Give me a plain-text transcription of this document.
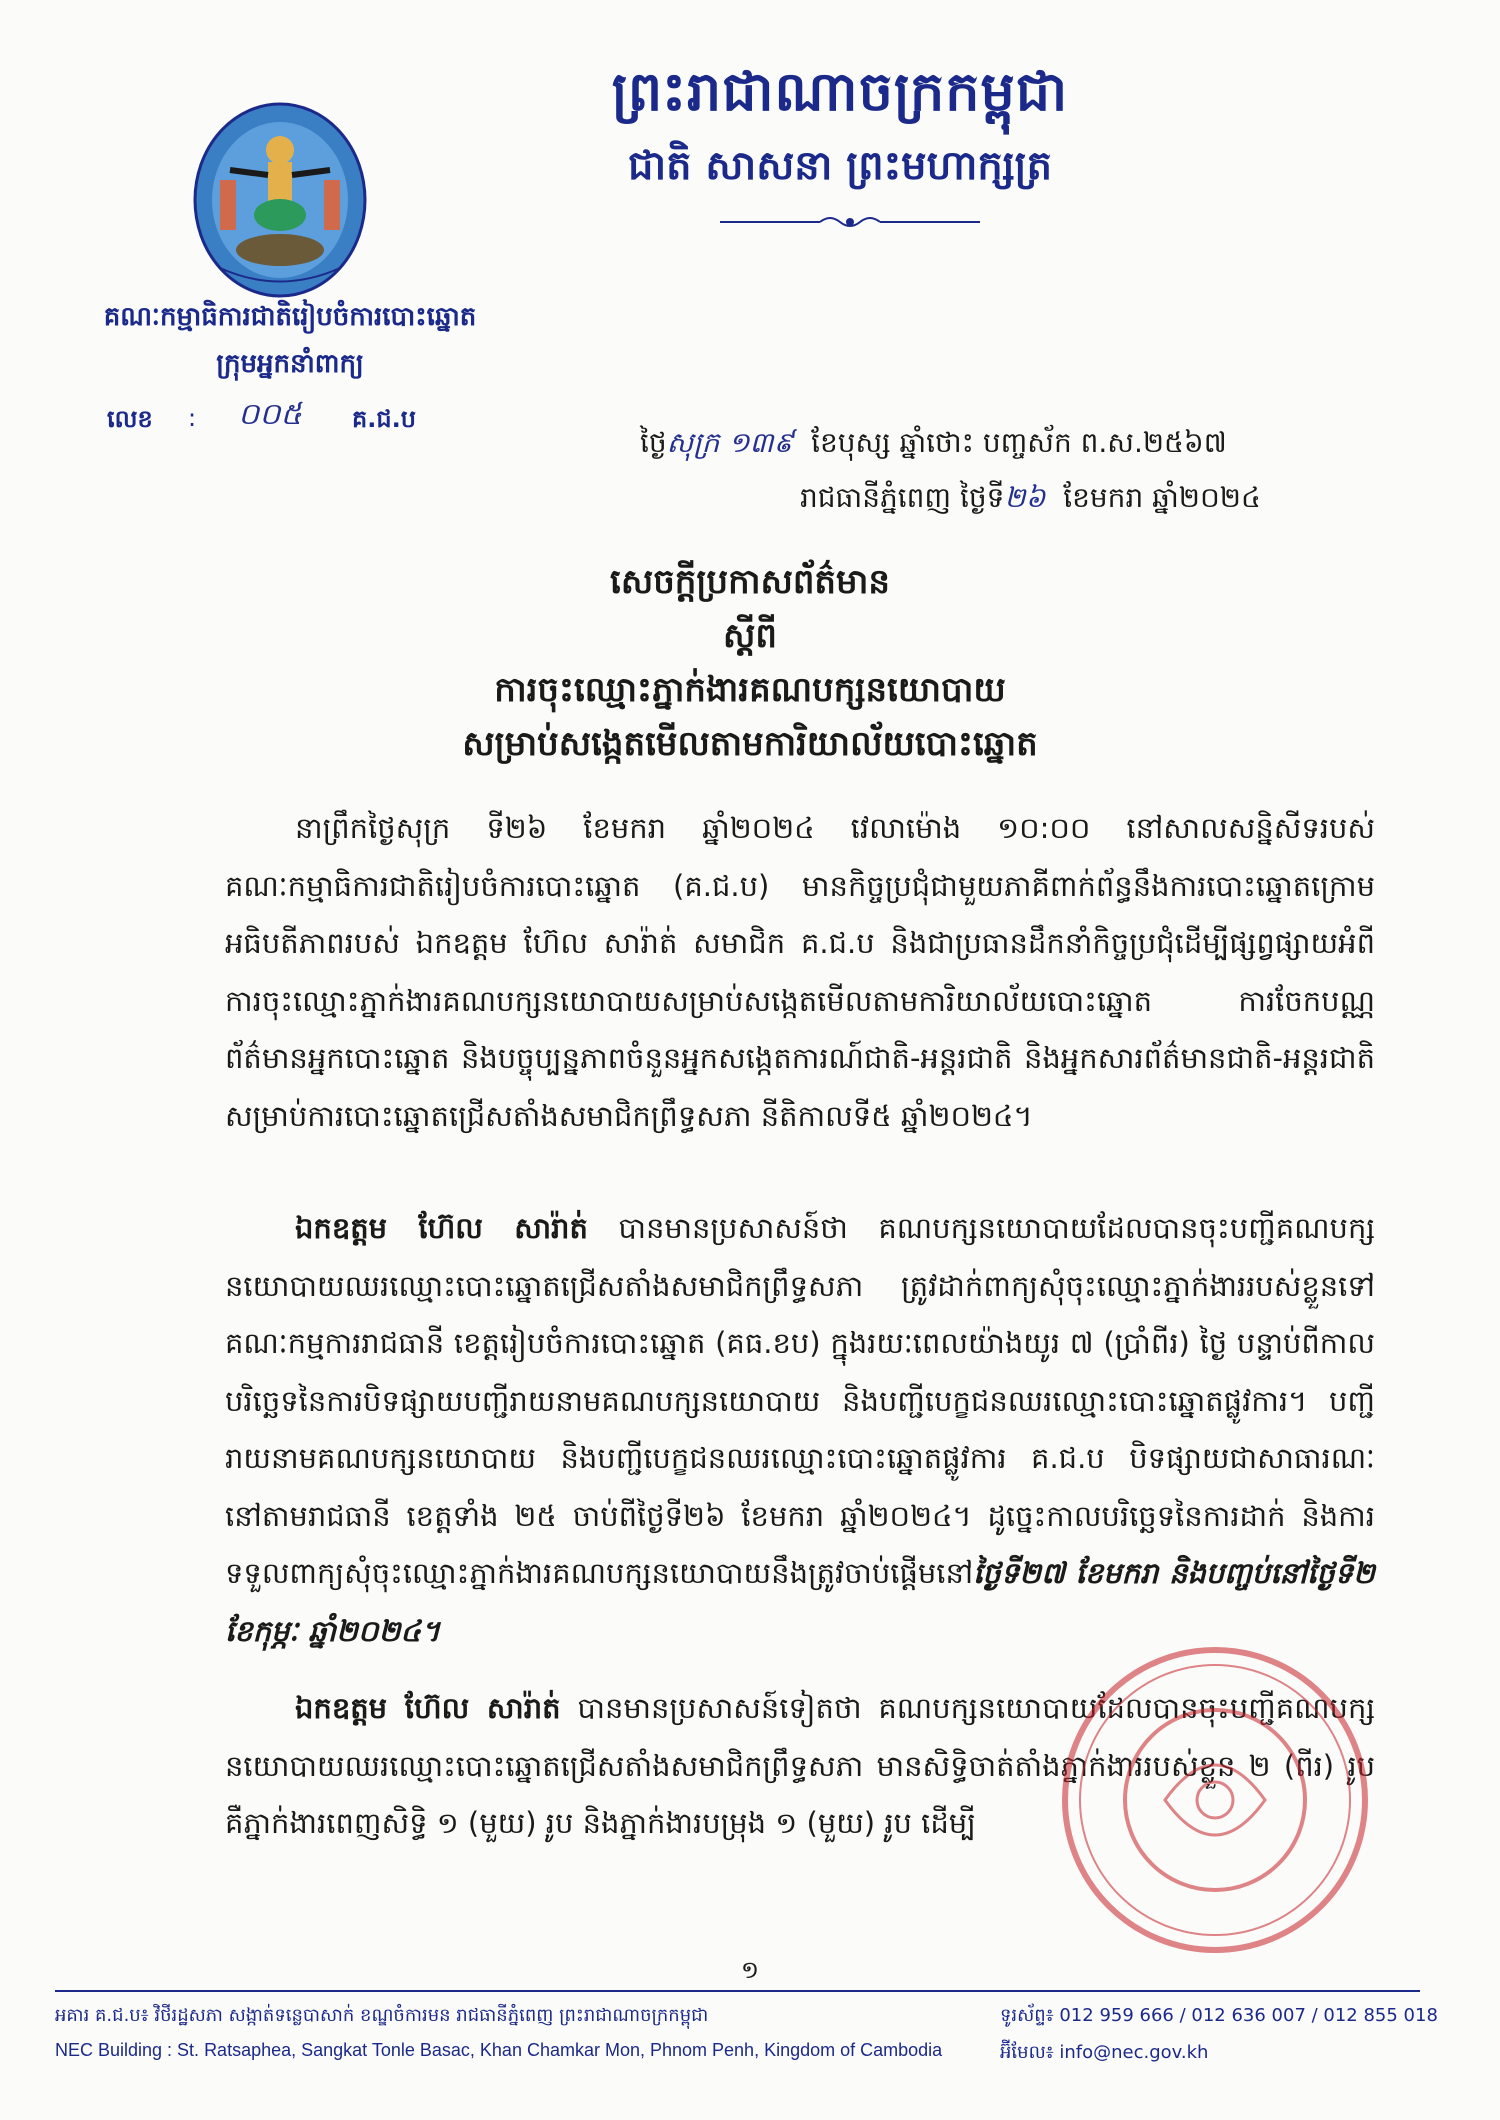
ព្រះរាជាណាចក្រកម្ពុជា
ជាតិ សាសនា ព្រះមហាក្សត្រ
គណៈកម្មាធិការជាតិរៀបចំការបោះឆ្នោត
ក្រុមអ្នកនាំពាក្យ
លេខ : ០០៥ គ.ជ.ប
ថ្ងៃសុក្រ ១៣៩ ខែបុស្ស ឆ្នាំថោះ បញ្ចស័ក ព.ស.២៥៦៧
រាជធានីភ្នំពេញ ថ្ងៃទី២៦ ខែមករា ឆ្នាំ២០២៤
សេចក្ដីប្រកាសព័ត៌មាន
ស្ដីពី
ការចុះឈ្មោះភ្នាក់ងារគណបក្សនយោបាយ
សម្រាប់សង្កេតមើលតាមការិយាល័យបោះឆ្នោត
នាព្រឹកថ្ងៃសុក្រ ទី២៦ ខែមករា ឆ្នាំ២០២៤ វេលាម៉ោង ១០:០០ នៅសាលសន្និសីទរបស់គណៈកម្មាធិការជាតិរៀបចំការបោះឆ្នោត (គ.ជ.ប) មានកិច្ចប្រជុំជាមួយភាគីពាក់ព័ន្ធនឹងការបោះឆ្នោតក្រោមអធិបតីភាពរបស់ ឯកឧត្តម ហ៊ែល សារ៉ាត់ សមាជិក គ.ជ.ប និងជាប្រធានដឹកនាំកិច្ចប្រជុំដើម្បីផ្សព្វផ្សាយអំពី ការចុះឈ្មោះភ្នាក់ងារគណបក្សនយោបាយសម្រាប់សង្កេតមើលតាមការិយាល័យបោះឆ្នោត ការចែកបណ្ណព័ត៌មានអ្នកបោះឆ្នោត និងបច្ចុប្បន្នភាពចំនួនអ្នកសង្កេតការណ៍ជាតិ-អន្តរជាតិ និងអ្នកសារព័ត៌មានជាតិ-អន្តរជាតិ សម្រាប់ការបោះឆ្នោតជ្រើសតាំងសមាជិកព្រឹទ្ធសភា នីតិកាលទី៥ ឆ្នាំ២០២៤។
ឯកឧត្តម ហ៊ែល សារ៉ាត់ បានមានប្រសាសន៍ថា គណបក្សនយោបាយដែលបានចុះបញ្ជីគណបក្សនយោបាយឈរឈ្មោះបោះឆ្នោតជ្រើសតាំងសមាជិកព្រឹទ្ធសភា ត្រូវដាក់ពាក្យសុំចុះឈ្មោះភ្នាក់ងាររបស់ខ្លួនទៅគណៈកម្មការរាជធានី ខេត្តរៀបចំការបោះឆ្នោត (គធ.ខប) ក្នុងរយៈពេលយ៉ាងយូរ ៧ (ប្រាំពីរ) ថ្ងៃ បន្ទាប់ពីកាលបរិច្ឆេទនៃការបិទផ្សាយបញ្ជីរាយនាមគណបក្សនយោបាយ និងបញ្ជីបេក្ខជនឈរឈ្មោះបោះឆ្នោតផ្លូវការ។ បញ្ជីរាយនាមគណបក្សនយោបាយ និងបញ្ជីបេក្ខជនឈរឈ្មោះបោះឆ្នោតផ្លូវការ គ.ជ.ប បិទផ្សាយជាសាធារណៈ នៅតាមរាជធានី ខេត្តទាំង ២៥ ចាប់ពីថ្ងៃទី២៦ ខែមករា ឆ្នាំ២០២៤។ ដូច្នេះកាលបរិច្ឆេទនៃការដាក់ និងការទទួលពាក្យសុំចុះឈ្មោះភ្នាក់ងារគណបក្សនយោបាយនឹងត្រូវចាប់ផ្ដើមនៅថ្ងៃទី២៧ ខែមករា និងបញ្ចប់នៅថ្ងៃទី២ ខែកុម្ភៈ ឆ្នាំ២០២៤។
ឯកឧត្តម ហ៊ែល សារ៉ាត់ បានមានប្រសាសន៍ទៀតថា គណបក្សនយោបាយដែលបានចុះបញ្ជីគណបក្សនយោបាយឈរឈ្មោះបោះឆ្នោតជ្រើសតាំងសមាជិកព្រឹទ្ធសភា មានសិទ្ធិចាត់តាំងភ្នាក់ងាររបស់ខ្លួន ២ (ពីរ) រូប គឺភ្នាក់ងារពេញសិទ្ធិ ១ (មួយ) រូប និងភ្នាក់ងារបម្រុង ១ (មួយ) រូប ដើម្បី
១
អគារ គ.ជ.ប៖ វិថីរដ្ឋសភា សង្កាត់ទន្លេបាសាក់ ខណ្ឌចំការមន រាជធានីភ្នំពេញ ព្រះរាជាណាចក្រកម្ពុជា	ទូរស័ព្ទ៖ 012 959 666 / 012 636 007 / 012 855 018
NEC Building : St. Ratsaphea, Sangkat Tonle Basac, Khan Chamkar Mon, Phnom Penh, Kingdom of Cambodia	អ៊ីមែល៖ info@nec.gov.kh
